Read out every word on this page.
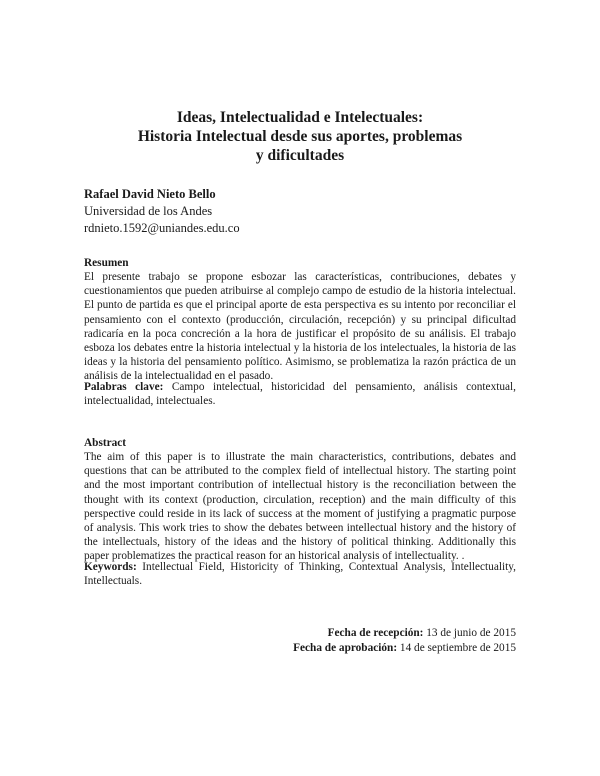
Ideas, Intelectualidad e Intelectuales:
Historia Intelectual desde sus aportes, problemas
y dificultades
Rafael David Nieto Bello
Universidad de los Andes
rdnieto.1592@uniandes.edu.co
Resumen
El presente trabajo se propone esbozar las características, contribuciones, debates y cuestionamientos que pueden atribuirse al complejo campo de estudio de la historia intelectual. El punto de partida es que el principal aporte de esta perspectiva es su intento por reconciliar el pensamiento con el contexto (producción, circulación, recepción) y su principal dificultad radicaría en la poca concreción a la hora de justificar el propósito de su análisis. El trabajo esboza los debates entre la historia intelectual y la historia de los intelectuales, la historia de las ideas y la historia del pensamiento político. Asimismo, se problematiza la razón práctica de un análisis de la intelectualidad en el pasado.
Palabras clave: Campo intelectual, historicidad del pensamiento, análisis contextual, intelectualidad, intelectuales.
Abstract
The aim of this paper is to illustrate the main characteristics, contributions, debates and questions that can be attributed to the complex field of intellectual history. The starting point and the most important contribution of intellectual history is the reconciliation between the thought with its context (production, circulation, reception) and the main difficulty of this perspective could reside in its lack of success at the moment of justifying a pragmatic purpose of analysis. This work tries to show the debates between intellectual history and the history of the intellectuals, history of the ideas and the history of political thinking. Additionally this paper problematizes the practical reason for an historical analysis of intellectuality. .
Keywords: Intellectual Field, Historicity of Thinking, Contextual Analysis, Intellectuality, Intellectuals.
Fecha de recepción: 13 de junio de 2015
Fecha de aprobación: 14 de septiembre de 2015
